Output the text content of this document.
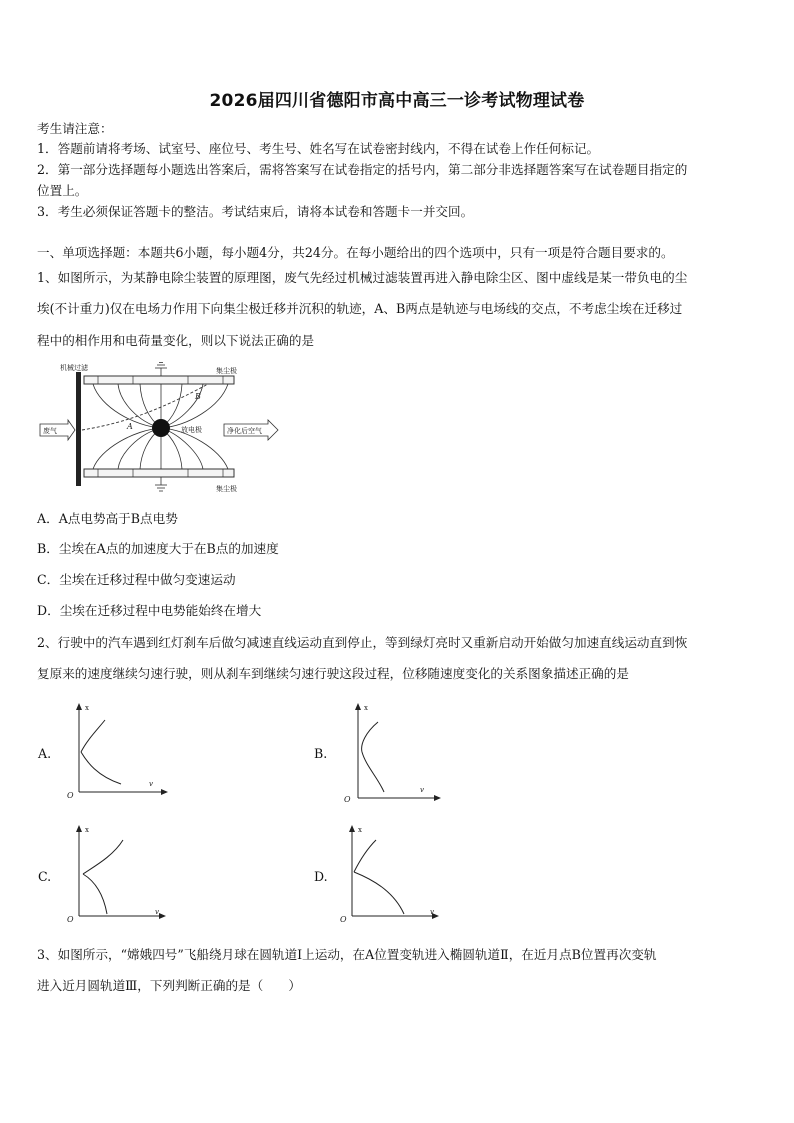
2026届四川省德阳市高中高三一诊考试物理试卷
考生请注意：
1．答题前请将考场、试室号、座位号、考生号、姓名写在试卷密封线内，不得在试卷上作任何标记。
2．第一部分选择题每小题选出答案后，需将答案写在试卷指定的括号内，第二部分非选择题答案写在试卷题目指定的
位置上。
3．考生必须保证答题卡的整洁。考试结束后，请将本试卷和答题卡一并交回。
一、单项选择题：本题共6小题，每小题4分，共24分。在每小题给出的四个选项中，只有一项是符合题目要求的。
1、如图所示，为某静电除尘装置的原理图，废气先经过机械过滤装置再进入静电除尘区、图中虚线是某一带负电的尘
埃(不计重力)仅在电场力作用下向集尘极迁移并沉积的轨迹，A、B两点是轨迹与电场线的交点，不考虑尘埃在迁移过
程中的相作用和电荷量变化，则以下说法正确的是
机械过滤	集尘极
集尘极
放电极
A
B
废气	净化后空气
A．A点电势高于B点电势
B．尘埃在A点的加速度大于在B点的加速度
C．尘埃在迁移过程中做匀变速运动
D．尘埃在迁移过程中电势能始终在增大
2、行驶中的汽车遇到红灯刹车后做匀减速直线运动直到停止，等到绿灯亮时又重新启动开始做匀加速直线运动直到恢
复原来的速度继续匀速行驶，则从刹车到继续匀速行驶这段过程，位移随速度变化的关系图象描述正确的是
A.
x
v
O
B.
x
v
O
C.
x
v
O
D.
x
v
O
3、如图所示，“嫦娥四号”飞船绕月球在圆轨道Ⅰ上运动，在A位置变轨进入椭圆轨道Ⅱ，在近月点B位置再次变轨
进入近月圆轨道Ⅲ，下列判断正确的是（　　）
